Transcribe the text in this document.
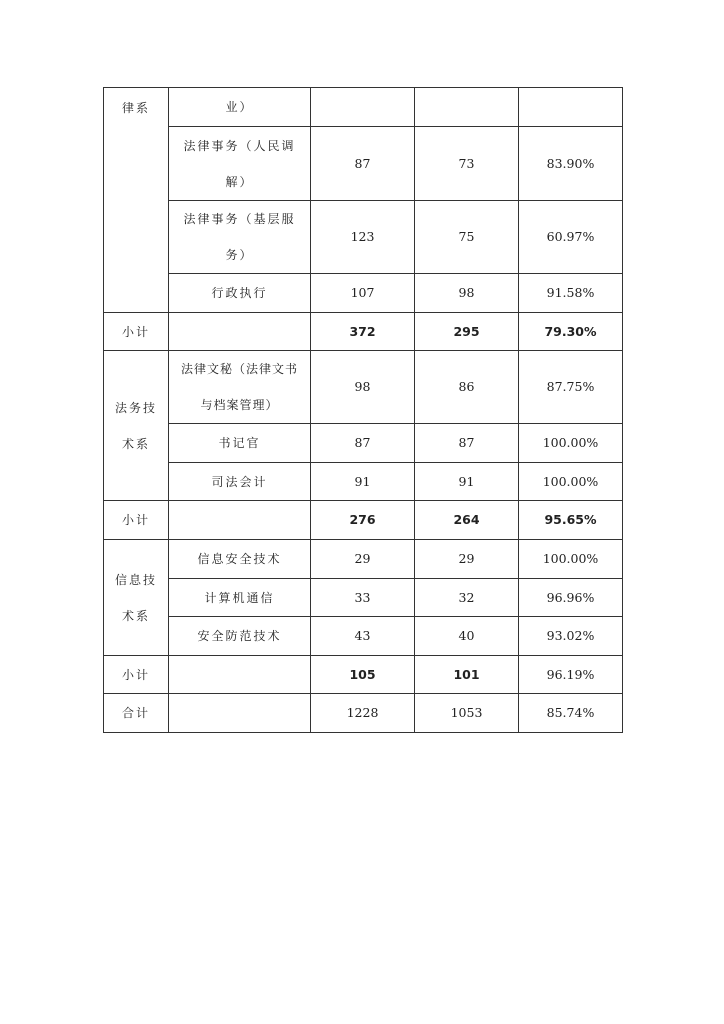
律系	业）			

	法律事务（人民调
解）	87	73	83.90%

	法律事务（基层服
务）	123	75	60.97%
	行政执行	107	98	91.58%
小计		372	295	79.30%

法务技
术系	法律文秘（法律文书
与档案管理）	98	86	87.75%
	书记官	87	87	100.00%
	司法会计	91	91	100.00%
小计		276	264	95.65%

信息技
术系	信息安全技术	29	29	100.00%
	计算机通信	33	32	96.96%
	安全防范技术	43	40	93.02%
小计		105	101	96.19%
合计		1228	1053	85.74%
